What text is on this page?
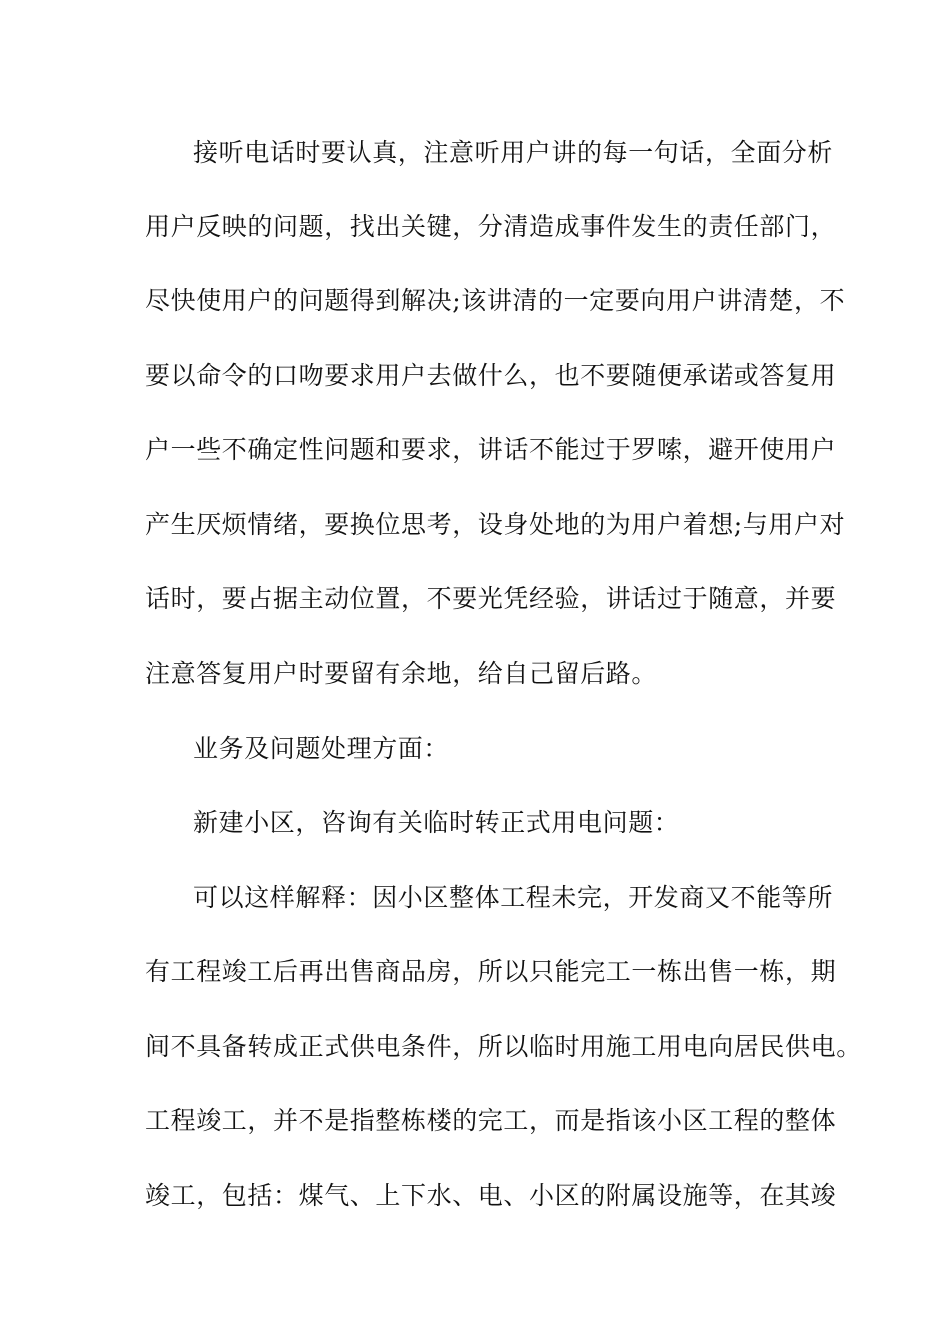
接听电话时要认真，注意听用户讲的每一句话，全面分析
用户反映的问题，找出关键，分清造成事件发生的责任部门，
尽快使用户的问题得到解决;该讲清的一定要向用户讲清楚，不
要以命令的口吻要求用户去做什么，也不要随便承诺或答复用
户一些不确定性问题和要求，讲话不能过于罗嗦，避开使用户
产生厌烦情绪，要换位思考，设身处地的为用户着想;与用户对
话时，要占据主动位置，不要光凭经验，讲话过于随意，并要
注意答复用户时要留有余地，给自己留后路。
业务及问题处理方面：
新建小区，咨询有关临时转正式用电问题：
可以这样解释：因小区整体工程未完，开发商又不能等所
有工程竣工后再出售商品房，所以只能完工一栋出售一栋，期
间不具备转成正式供电条件，所以临时用施工用电向居民供电。
工程竣工，并不是指整栋楼的完工，而是指该小区工程的整体
竣工，包括：煤气、上下水、电、小区的附属设施等，在其竣
